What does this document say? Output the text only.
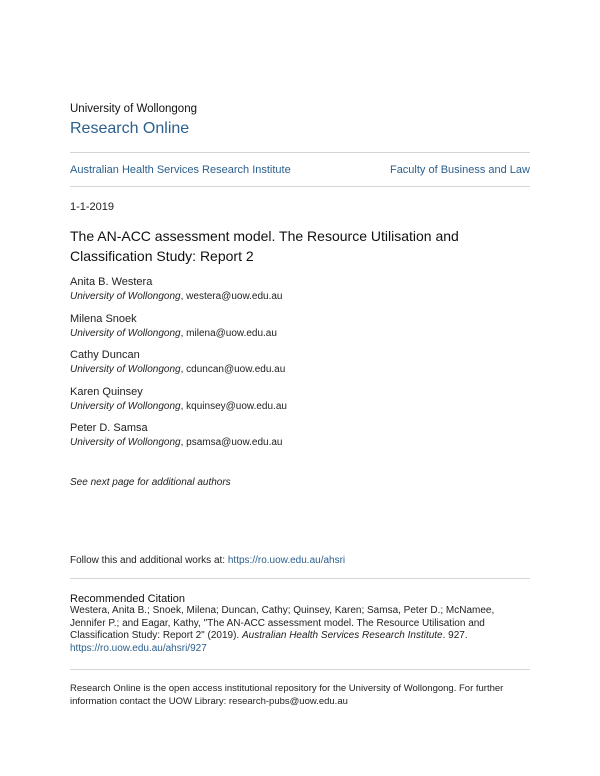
University of Wollongong
Research Online
Australian Health Services Research Institute	Faculty of Business and Law
1-1-2019
The AN-ACC assessment model. The Resource Utilisation and Classification Study: Report 2
Anita B. Westera
University of Wollongong, westera@uow.edu.au
Milena Snoek
University of Wollongong, milena@uow.edu.au
Cathy Duncan
University of Wollongong, cduncan@uow.edu.au
Karen Quinsey
University of Wollongong, kquinsey@uow.edu.au
Peter D. Samsa
University of Wollongong, psamsa@uow.edu.au
See next page for additional authors
Follow this and additional works at: https://ro.uow.edu.au/ahsri
Recommended Citation
Westera, Anita B.; Snoek, Milena; Duncan, Cathy; Quinsey, Karen; Samsa, Peter D.; McNamee, Jennifer P.; and Eagar, Kathy, "The AN-ACC assessment model. The Resource Utilisation and Classification Study: Report 2" (2019). Australian Health Services Research Institute. 927.
https://ro.uow.edu.au/ahsri/927
Research Online is the open access institutional repository for the University of Wollongong. For further information contact the UOW Library: research-pubs@uow.edu.au
